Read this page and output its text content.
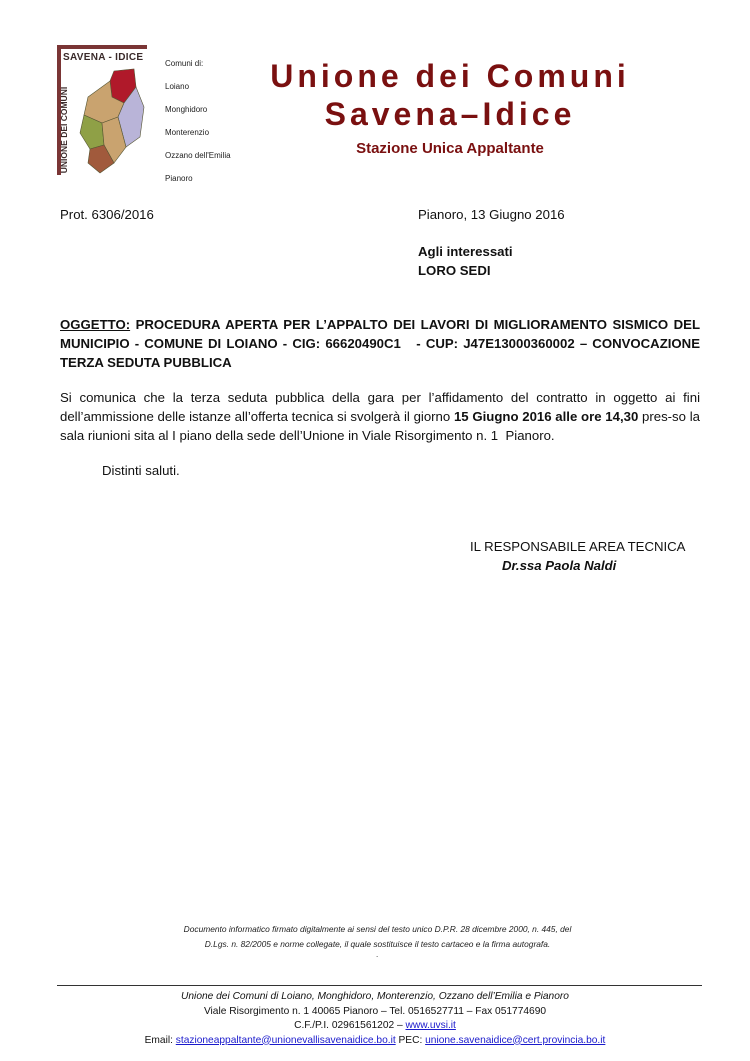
SAVENA - IDICE
UNIONE DEI COMUNI
Comuni di:
Loiano
Monghidoro
Monterenzio
Ozzano dell'Emilia
Pianoro
Unione dei Comuni
Savena–Idice
Stazione Unica Appaltante
Prot. 6306/2016	Pianoro, 13 Giugno 2016
Agli interessati
LORO SEDI
OGGETTO: PROCEDURA APERTA PER L’APPALTO DEI LAVORI DI MIGLIORAMENTO SISMICO DEL MUNICIPIO - COMUNE DI LOIANO - CIG: 66620490C1   - CUP: J47E13000360002 – CONVOCAZIONE TERZA SEDUTA PUBBLICA
Si comunica che la terza seduta pubblica della gara per l’affidamento del contratto in oggetto ai fini dell’ammissione delle istanze all’offerta tecnica si svolgerà il giorno 15 Giugno 2016 alle ore 14,30 pres-so la sala riunioni sita al I piano della sede dell’Unione in Viale Risorgimento n. 1  Pianoro.
Distinti saluti.
IL RESPONSABILE AREA TECNICA
Dr.ssa Paola Naldi
Documento informatico firmato digitalmente ai sensi del testo unico D.P.R. 28 dicembre 2000, n. 445, del
D.Lgs. n. 82/2005 e norme collegate, il quale sostituisce il testo cartaceo e la firma autografa.
.
Unione dei Comuni di Loiano, Monghidoro, Monterenzio, Ozzano dell’Emilia e Pianoro
Viale Risorgimento n. 1 40065 Pianoro – Tel. 0516527711 – Fax 051774690
C.F./P.I. 02961561202 – www.uvsi.it
Email: stazioneappaltante@unionevallisavenaidice.bo.it PEC: unione.savenaidice@cert.provincia.bo.it
